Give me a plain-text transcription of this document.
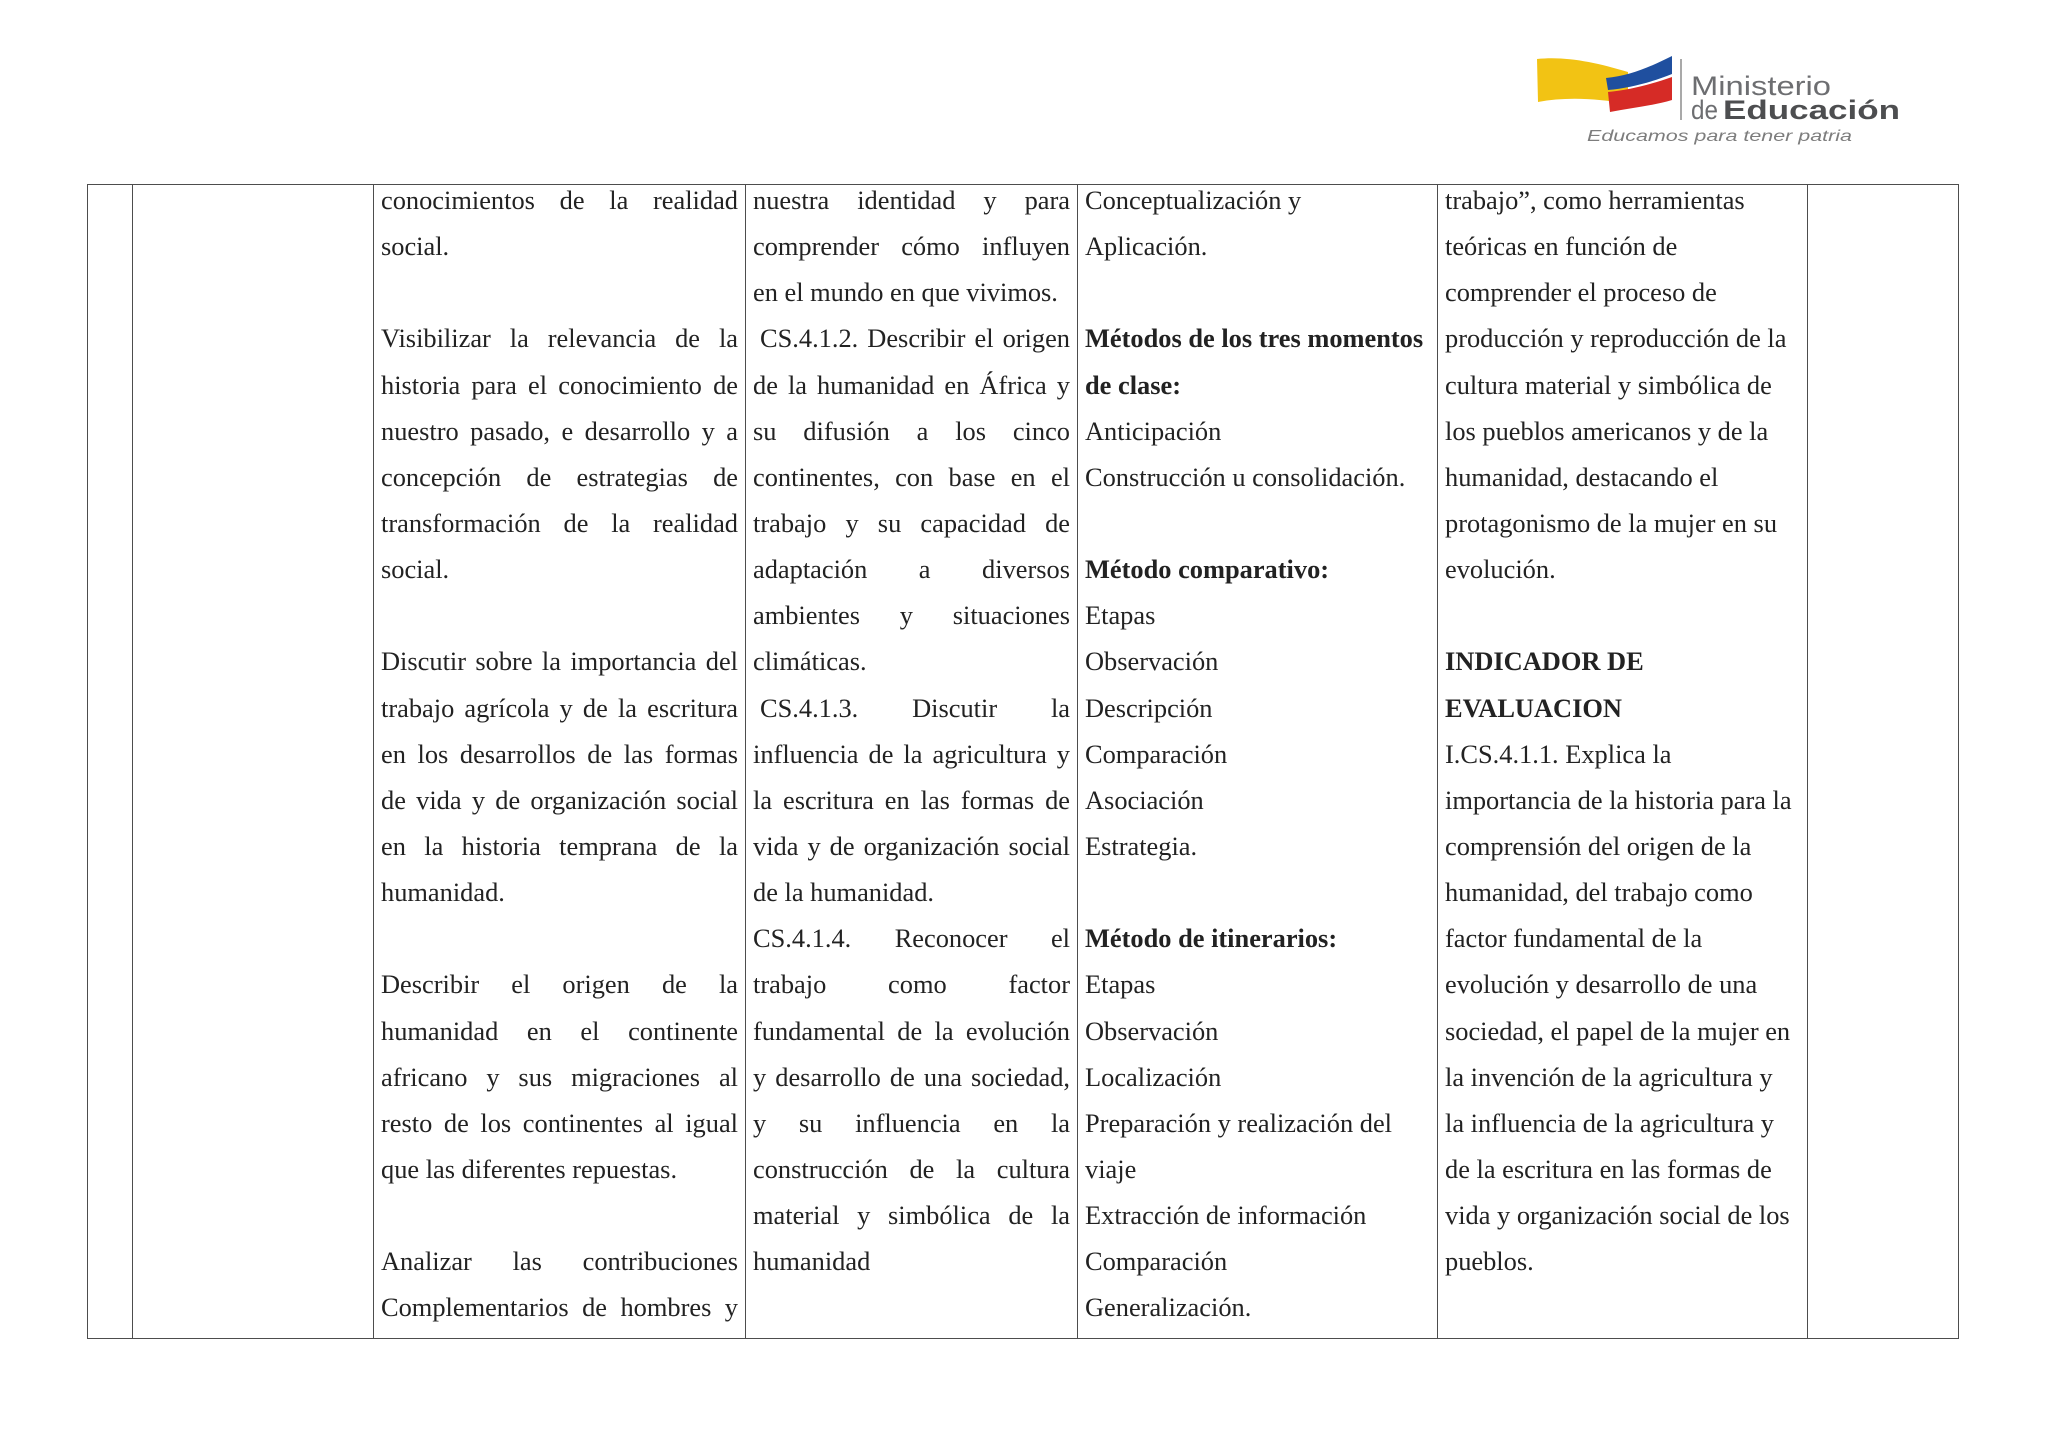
Ministerio
de Educación
Educamos para tener patria
conocimientos de la realidad
social.
Visibilizar la relevancia de la
historia para el conocimiento de
nuestro pasado, e desarrollo y a
concepción de estrategias de
transformación de la realidad
social.
Discutir sobre la importancia del
trabajo agrícola y de la escritura
en los desarrollos de las formas
de vida y de organización social
en la historia temprana de la
humanidad.
Describir el origen de la
humanidad en el continente
africano y sus migraciones al
resto de los continentes al igual
que las diferentes repuestas.
Analizar las contribuciones
Complementarios de hombres y
nuestra identidad y para
comprender cómo influyen
en el mundo en que vivimos.
CS.4.1.2. Describir el origen
de la humanidad en África y
su difusión a los cinco
continentes, con base en el
trabajo y su capacidad de
adaptación a diversos
ambientes y situaciones
climáticas.
CS.4.1.3. Discutir la
influencia de la agricultura y
la escritura en las formas de
vida y de organización social
de la humanidad.
CS.4.1.4. Reconocer el
trabajo como factor
fundamental de la evolución
y desarrollo de una sociedad,
y su influencia en la
construcción de la cultura
material y simbólica de la
humanidad
Conceptualización y
Aplicación.
Métodos de los tres momentos
de clase:
Anticipación
Construcción u consolidación.
Método comparativo:
Etapas
Observación
Descripción
Comparación
Asociación
Estrategia.
Método de itinerarios:
Etapas
Observación
Localización
Preparación y realización del
viaje
Extracción de información
Comparación
Generalización.
trabajo”, como herramientas
teóricas en función de
comprender el proceso de
producción y reproducción de la
cultura material y simbólica de
los pueblos americanos y de la
humanidad, destacando el
protagonismo de la mujer en su
evolución.
INDICADOR DE
EVALUACION
I.CS.4.1.1. Explica la
importancia de la historia para la
comprensión del origen de la
humanidad, del trabajo como
factor fundamental de la
evolución y desarrollo de una
sociedad, el papel de la mujer en
la invención de la agricultura y
la influencia de la agricultura y
de la escritura en las formas de
vida y organización social de los
pueblos.
